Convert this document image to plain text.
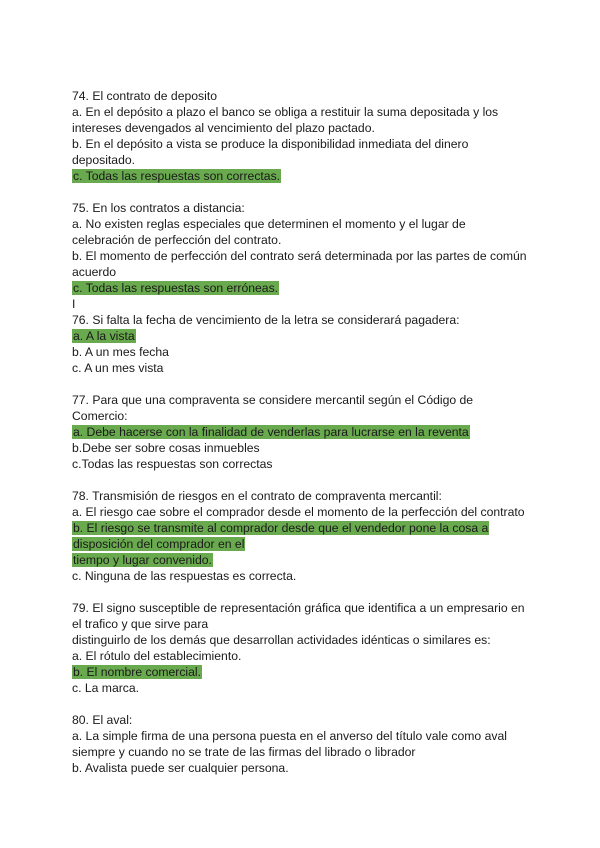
74. El contrato de deposito
a. En el depósito a plazo el banco se obliga a restituir la suma depositada y los
intereses devengados al vencimiento del plazo pactado.
b. En el depósito a vista se produce la disponibilidad inmediata del dinero
depositado.
c. Todas las respuestas son correctas.
75. En los contratos a distancia:
a. No existen reglas especiales que determinen el momento y el lugar de
celebración de perfección del contrato.
b. El momento de perfección del contrato será determinada por las partes de común
acuerdo
c. Todas las respuestas son erróneas.
I
76. Si falta la fecha de vencimiento de la letra se considerará pagadera:
a. A la vista
b. A un mes fecha
c. A un mes vista
77. Para que una compraventa se considere mercantil según el Código de
Comercio:
a. Debe hacerse con la finalidad de venderlas para lucrarse en la reventa
b.Debe ser sobre cosas inmuebles
c.Todas las respuestas son correctas
78. Transmisión de riesgos en el contrato de compraventa mercantil:
a. El riesgo cae sobre el comprador desde el momento de la perfección del contrato
b. El riesgo se transmite al comprador desde que el vendedor pone la cosa a
disposición del comprador en el
tiempo y lugar convenido.
c. Ninguna de las respuestas es correcta.
79. El signo susceptible de representación gráfica que identifica a un empresario en
el trafico y que sirve para
distinguirlo de los demás que desarrollan actividades idénticas o similares es:
a. El rótulo del establecimiento.
b. El nombre comercial.
c. La marca.
80. El aval:
a. La simple firma de una persona puesta en el anverso del título vale como aval
siempre y cuando no se trate de las firmas del librado o librador
b. Avalista puede ser cualquier persona.
